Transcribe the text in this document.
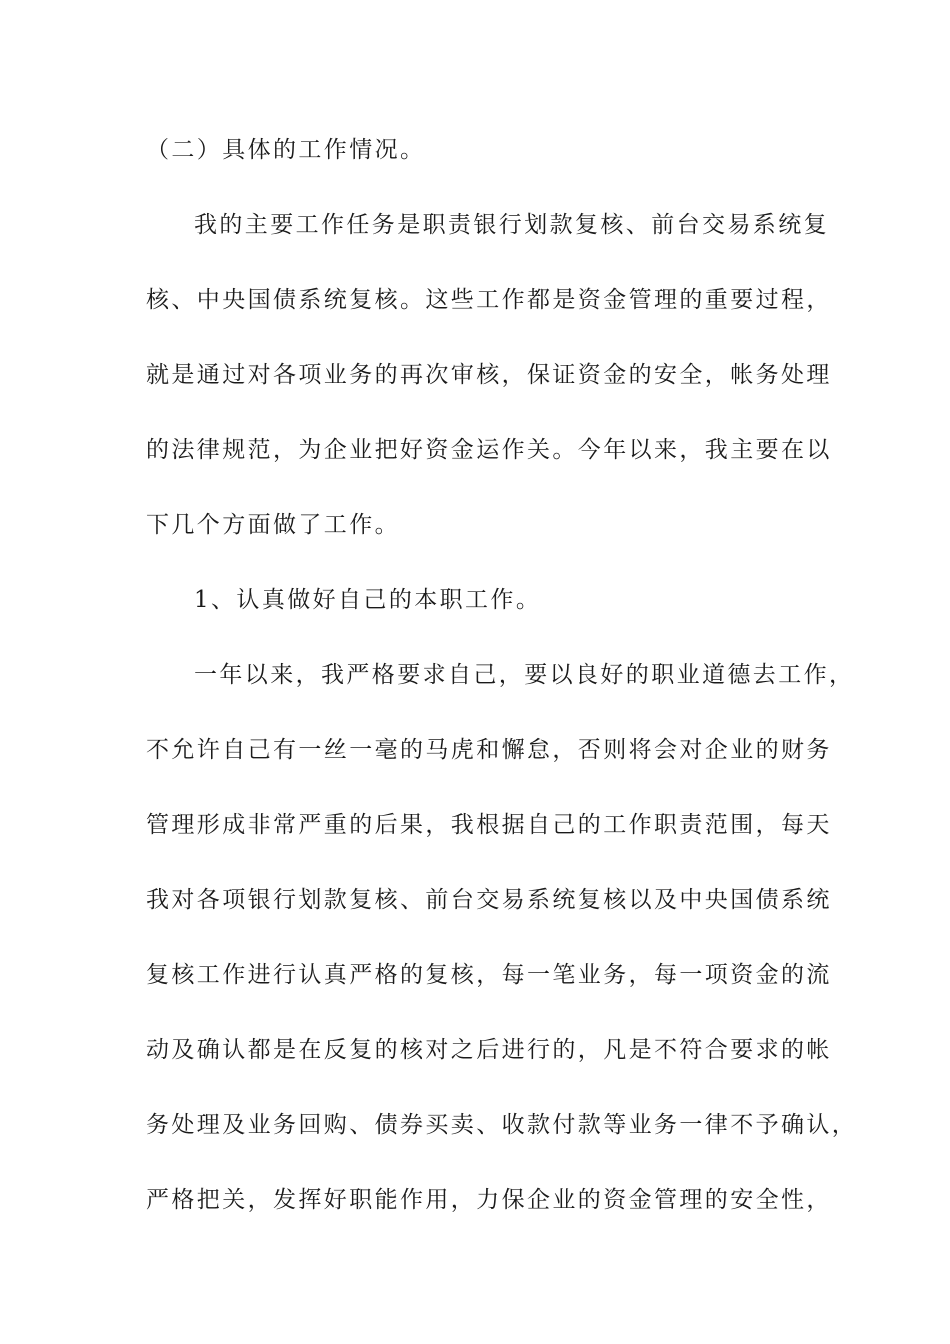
（二）具体的工作情况。
我的主要工作任务是职责银行划款复核、前台交易系统复
核、中央国债系统复核。这些工作都是资金管理的重要过程，
就是通过对各项业务的再次审核，保证资金的安全，帐务处理
的法律规范，为企业把好资金运作关。今年以来，我主要在以
下几个方面做了工作。
1、认真做好自己的本职工作。
一年以来，我严格要求自己，要以良好的职业道德去工作，
不允许自己有一丝一毫的马虎和懈怠，否则将会对企业的财务
管理形成非常严重的后果，我根据自己的工作职责范围，每天
我对各项银行划款复核、前台交易系统复核以及中央国债系统
复核工作进行认真严格的复核，每一笔业务，每一项资金的流
动及确认都是在反复的核对之后进行的，凡是不符合要求的帐
务处理及业务回购、债券买卖、收款付款等业务一律不予确认，
严格把关，发挥好职能作用，力保企业的资金管理的安全性，
